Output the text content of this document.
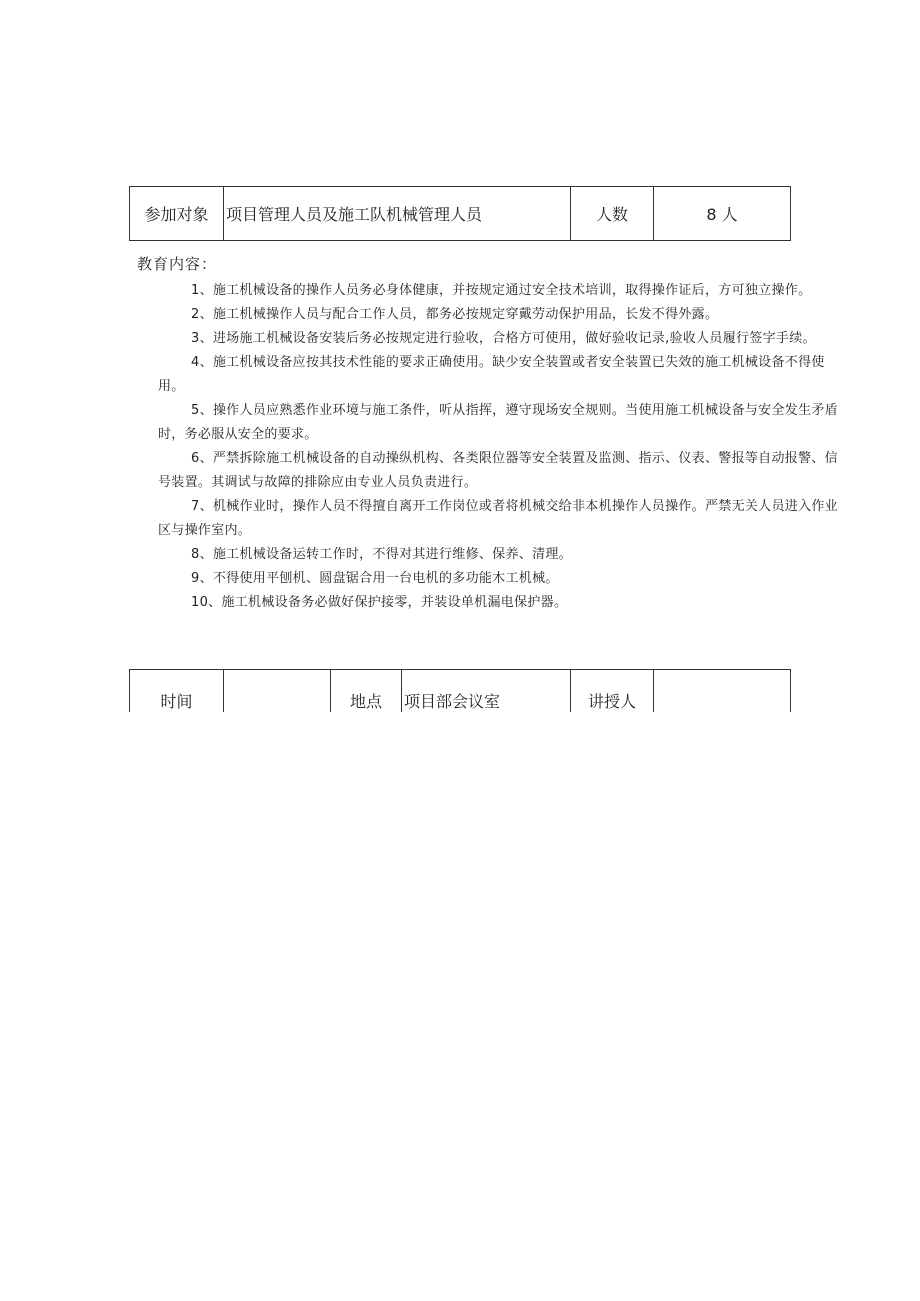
参加对象	项目管理人员及施工队机械管理人员	人数	8 人
教育内容：

1、施工机械设备的操作人员务必身体健康，并按规定通过安全技术培训，取得操作证后，方可独立操作。

2、施工机械操作人员与配合工作人员，都务必按规定穿戴劳动保护用品，长发不得外露。

3、进场施工机械设备安装后务必按规定进行验收，合格方可使用，做好验收记录,验收人员履行签字手续。

4、施工机械设备应按其技术性能的要求正确使用。缺少安全装置或者安全装置已失效的施工机械设备不得使用。

5、操作人员应熟悉作业环境与施工条件，听从指挥，遵守现场安全规则。当使用施工机械设备与安全发生矛盾时，务必服从安全的要求。

6、严禁拆除施工机械设备的自动操纵机构、各类限位器等安全装置及监测、指示、仪表、警报等自动报警、信号装置。其调试与故障的排除应由专业人员负责进行。

7、机械作业时，操作人员不得擅自离开工作岗位或者将机械交给非本机操作人员操作。严禁无关人员进入作业区与操作室内。

8、施工机械设备运转工作时，不得对其进行维修、保养、清理。

9、不得使用平刨机、圆盘锯合用一台电机的多功能木工机械。

10、施工机械设备务必做好保护接零，并装设单机漏电保护器。

时间		地点	项目部会议室	讲授人
